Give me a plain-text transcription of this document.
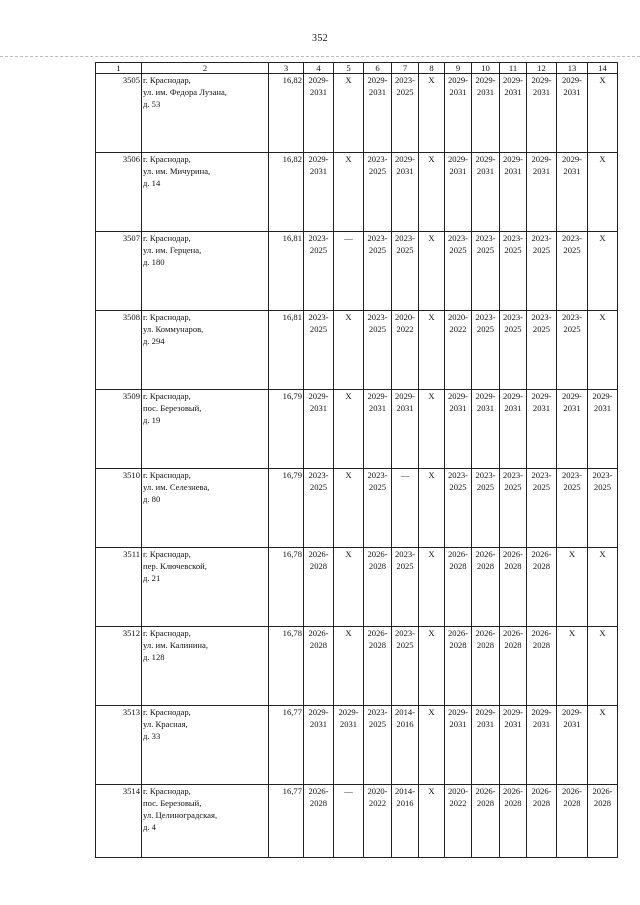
352
1	2	3	4	5	6	7	8	9	10	11	12	13	14
3505	г. Краснодар,
ул. им. Федора Лузана,
д. 53	16,82	2029-
2031	X	2029-
2031	2023-
2025	X	2029-
2031	2029-
2031	2029-
2031	2029-
2031	2029-
2031	X

3506	г. Краснодар,
ул. им. Мичурина,
д. 14	16,82	2029-
2031	X	2023-
2025	2029-
2031	X	2029-
2031	2029-
2031	2029-
2031	2029-
2031	2029-
2031	X

3507	г. Краснодар,
ул. им. Герцена,
д. 180	16,81	2023-
2025	—	2023-
2025	2023-
2025	X	2023-
2025	2023-
2025	2023-
2025	2023-
2025	2023-
2025	X

3508	г. Краснодар,
ул. Коммунаров,
д. 294	16,81	2023-
2025	X	2023-
2025	2020-
2022	X	2020-
2022	2023-
2025	2023-
2025	2023-
2025	2023-
2025	X

3509	г. Краснодар,
пос. Березовый,
д. 19	16,79	2029-
2031	X	2029-
2031	2029-
2031	X	2029-
2031	2029-
2031	2029-
2031	2029-
2031	2029-
2031	2029-
2031

3510	г. Краснодар,
ул. им. Селезнева,
д. 80	16,79	2023-
2025	X	2023-
2025	—	X	2023-
2025	2023-
2025	2023-
2025	2023-
2025	2023-
2025	2023-
2025

3511	г. Краснодар,
пер. Ключевской,
д. 21	16,78	2026-
2028	X	2026-
2028	2023-
2025	X	2026-
2028	2026-
2028	2026-
2028	2026-
2028	X	X

3512	г. Краснодар,
ул. им. Калинина,
д. 128	16,78	2026-
2028	X	2026-
2028	2023-
2025	X	2026-
2028	2026-
2028	2026-
2028	2026-
2028	X	X

3513	г. Краснодар,
ул. Красная,
д. 33	16,77	2029-
2031	2029-
2031	2023-
2025	2014-
2016	X	2029-
2031	2029-
2031	2029-
2031	2029-
2031	2029-
2031	X

3514	г. Краснодар,
пос. Березовый,
ул. Целиноградская,
д. 4	16,77	2026-
2028	—	2020-
2022	2014-
2016	X	2020-
2022	2026-
2028	2026-
2028	2026-
2028	2026-
2028	2026-
2028
